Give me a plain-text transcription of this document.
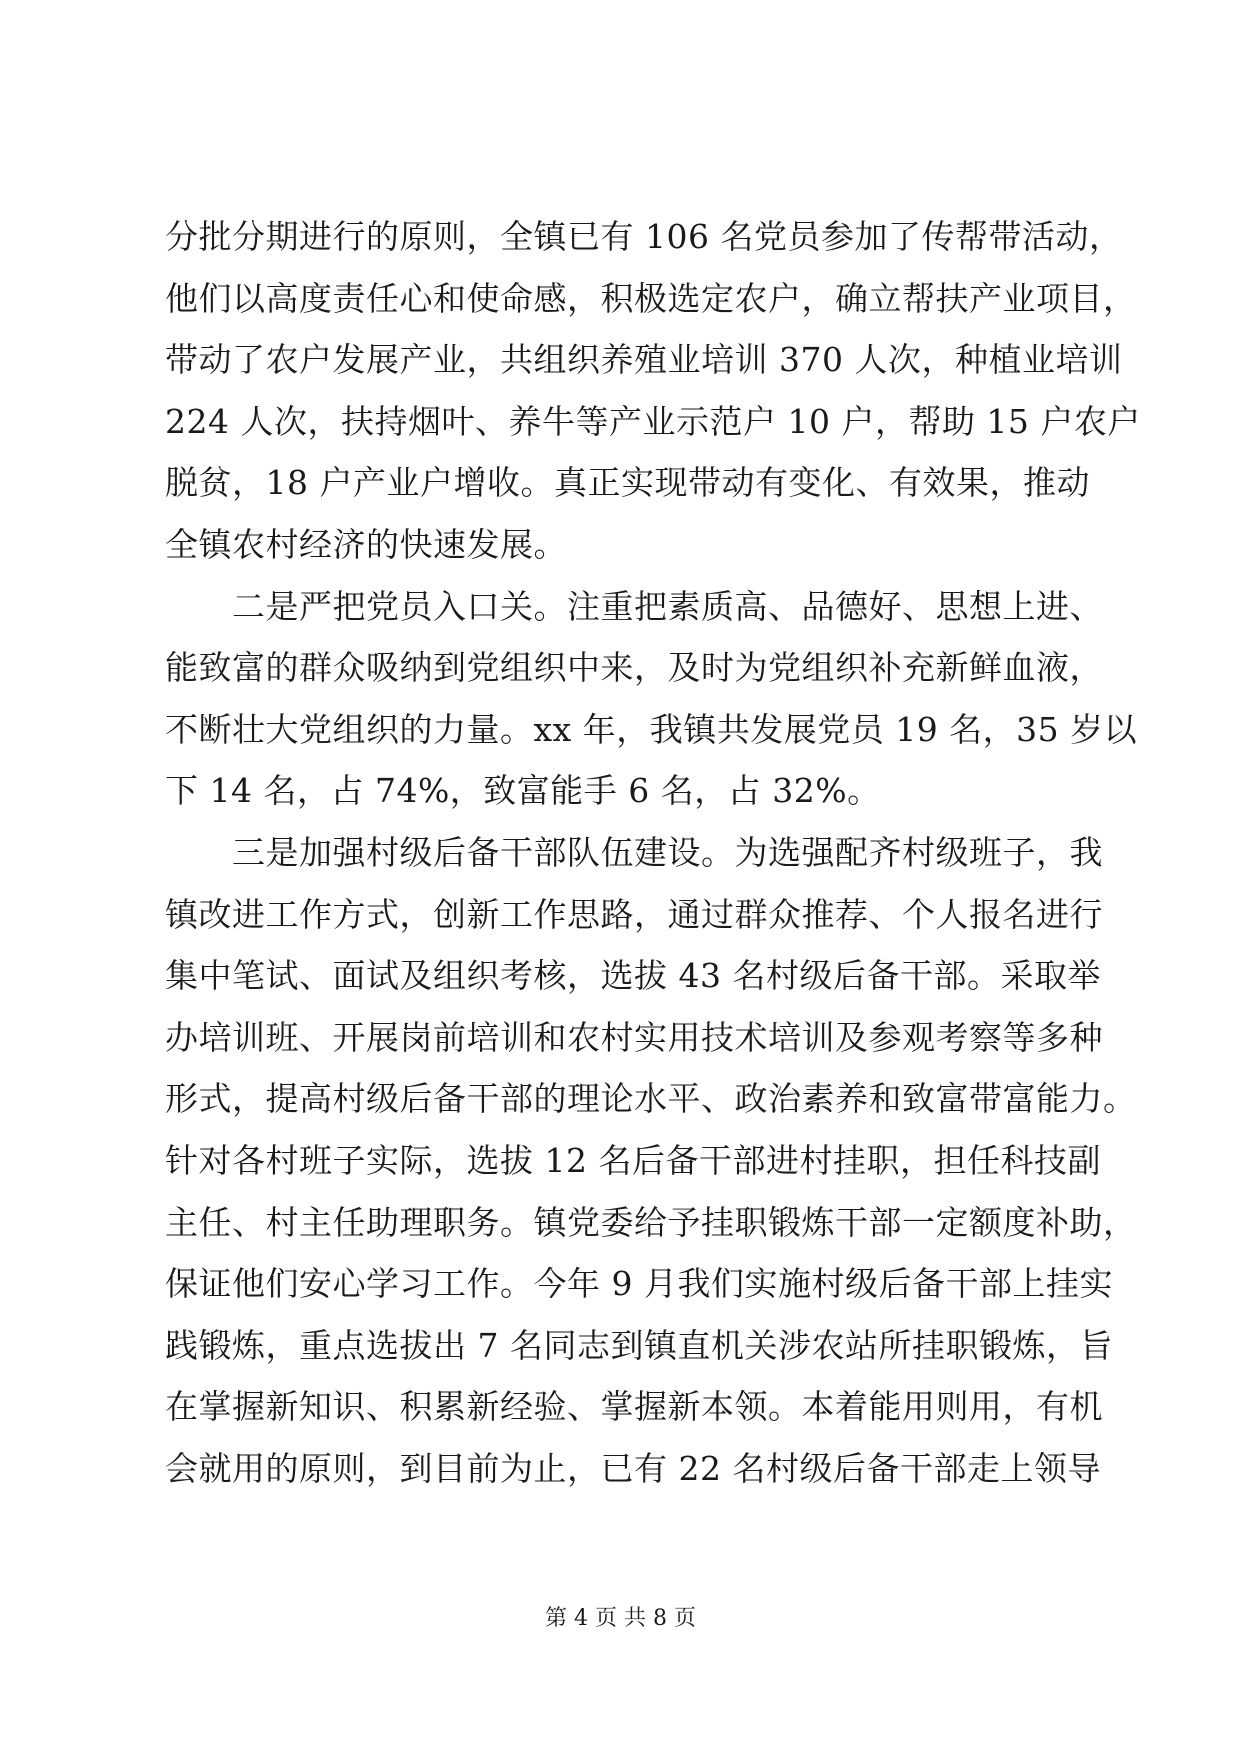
分批分期进行的原则，全镇已有 106 名党员参加了传帮带活动，
他们以高度责任心和使命感，积极选定农户，确立帮扶产业项目，
带动了农户发展产业，共组织养殖业培训 370 人次，种植业培训
224 人次，扶持烟叶、养牛等产业示范户 10 户，帮助 15 户农户
脱贫，18 户产业户增收。真正实现带动有变化、有效果，推动
全镇农村经济的快速发展。
　　二是严把党员入口关。注重把素质高、品德好、思想上进、
能致富的群众吸纳到党组织中来，及时为党组织补充新鲜血液，
不断壮大党组织的力量。xx 年，我镇共发展党员 19 名，35 岁以
下 14 名，占 74%，致富能手 6 名，占 32%。
　　三是加强村级后备干部队伍建设。为选强配齐村级班子，我
镇改进工作方式，创新工作思路，通过群众推荐、个人报名进行
集中笔试、面试及组织考核，选拔 43 名村级后备干部。采取举
办培训班、开展岗前培训和农村实用技术培训及参观考察等多种
形式，提高村级后备干部的理论水平、政治素养和致富带富能力。
针对各村班子实际，选拔 12 名后备干部进村挂职，担任科技副
主任、村主任助理职务。镇党委给予挂职锻炼干部一定额度补助，
保证他们安心学习工作。今年 9 月我们实施村级后备干部上挂实
践锻炼，重点选拔出 7 名同志到镇直机关涉农站所挂职锻炼，旨
在掌握新知识、积累新经验、掌握新本领。本着能用则用，有机
会就用的原则，到目前为止，已有 22 名村级后备干部走上领导
第 4 页 共 8 页
